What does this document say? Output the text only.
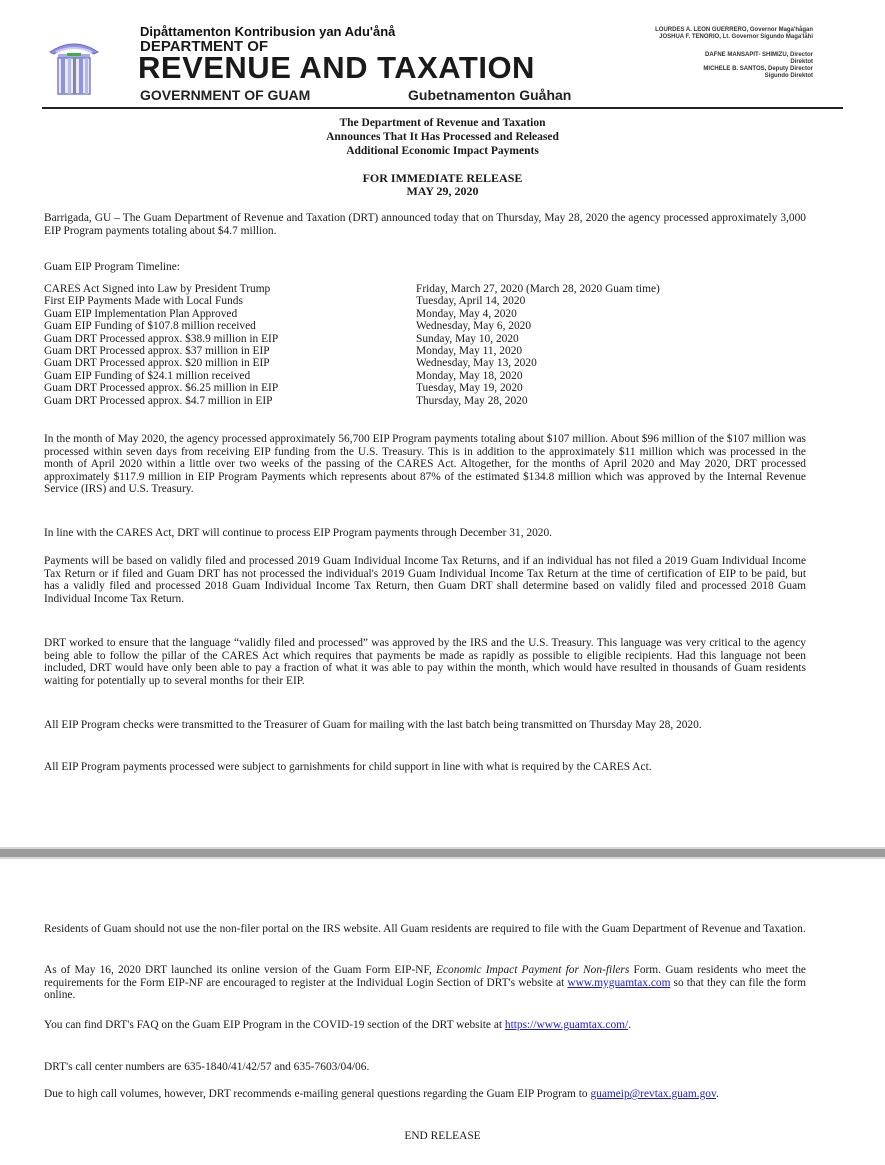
Dipåttamenton Kontribusion yan Adu'ånå
DEPARTMENT OF
REVENUE AND TAXATION
GOVERNMENT OF GUAM	Gubetnamenton Guåhan
LOURDES A. LEON GUERRERO, Governor Maga'hågan
JOSHUA F. TENORIO, Lt. Governor Sigundo Maga'låhi
DAFNE MANSAPIT- SHIMIZU, Director
Direktot
MICHELE B. SANTOS, Deputy Director
Sigundo Direktot
The Department of Revenue and Taxation
Announces That It Has Processed and Released
Additional Economic Impact Payments
FOR IMMEDIATE RELEASE
MAY 29, 2020
Barrigada, GU – The Guam Department of Revenue and Taxation (DRT) announced today that on Thursday, May 28, 2020 the agency processed approximately 3,000 EIP Program payments totaling about $4.7 million.
Guam EIP Program Timeline:
CARES Act Signed into Law by President Trump	Friday, March 27, 2020 (March 28, 2020 Guam time)
First EIP Payments Made with Local Funds	Tuesday, April 14, 2020
Guam EIP Implementation Plan Approved	Monday, May 4, 2020
Guam EIP Funding of $107.8 million received	Wednesday, May 6, 2020
Guam DRT Processed approx. $38.9 million in EIP	Sunday, May 10, 2020
Guam DRT Processed approx. $37 million in EIP	Monday, May 11, 2020
Guam DRT Processed approx. $20 million in EIP	Wednesday, May 13, 2020
Guam EIP Funding of $24.1 million received	Monday, May 18, 2020
Guam DRT Processed approx. $6.25 million in EIP	Tuesday, May 19, 2020
Guam DRT Processed approx. $4.7 million in EIP	Thursday, May 28, 2020
In the month of May 2020, the agency processed approximately 56,700 EIP Program payments totaling about $107 million. About $96 million of the $107 million was processed within seven days from receiving EIP funding from the U.S. Treasury. This is in addition to the approximately $11 million which was processed in the month of April 2020 within a little over two weeks of the passing of the CARES Act. Altogether, for the months of April 2020 and May 2020, DRT processed approximately $117.9 million in EIP Program Payments which represents about 87% of the estimated $134.8 million which was approved by the Internal Revenue Service (IRS) and U.S. Treasury.
In line with the CARES Act, DRT will continue to process EIP Program payments through December 31, 2020.
Payments will be based on validly filed and processed 2019 Guam Individual Income Tax Returns, and if an individual has not filed a 2019 Guam Individual Income Tax Return or if filed and Guam DRT has not processed the individual's 2019 Guam Individual Income Tax Return at the time of certification of EIP to be paid, but has a validly filed and processed 2018 Guam Individual Income Tax Return, then Guam DRT shall determine based on validly filed and processed 2018 Guam Individual Income Tax Return.
DRT worked to ensure that the language “validly filed and processed” was approved by the IRS and the U.S. Treasury. This language was very critical to the agency being able to follow the pillar of the CARES Act which requires that payments be made as rapidly as possible to eligible recipients. Had this language not been included, DRT would have only been able to pay a fraction of what it was able to pay within the month, which would have resulted in thousands of Guam residents waiting for potentially up to several months for their EIP.
All EIP Program checks were transmitted to the Treasurer of Guam for mailing with the last batch being transmitted on Thursday May 28, 2020.
All EIP Program payments processed were subject to garnishments for child support in line with what is required by the CARES Act.
Residents of Guam should not use the non-filer portal on the IRS website. All Guam residents are required to file with the Guam Department of Revenue and Taxation.
As of May 16, 2020 DRT launched its online version of the Guam Form EIP-NF, Economic Impact Payment for Non-filers Form. Guam residents who meet the requirements for the Form EIP-NF are encouraged to register at the Individual Login Section of DRT's website at www.myguamtax.com so that they can file the form online.
You can find DRT's FAQ on the Guam EIP Program in the COVID-19 section of the DRT website at https://www.guamtax.com/.
DRT's call center numbers are 635-1840/41/42/57 and 635-7603/04/06.
Due to high call volumes, however, DRT recommends e-mailing general questions regarding the Guam EIP Program to guameip@revtax.guam.gov.
END RELEASE
